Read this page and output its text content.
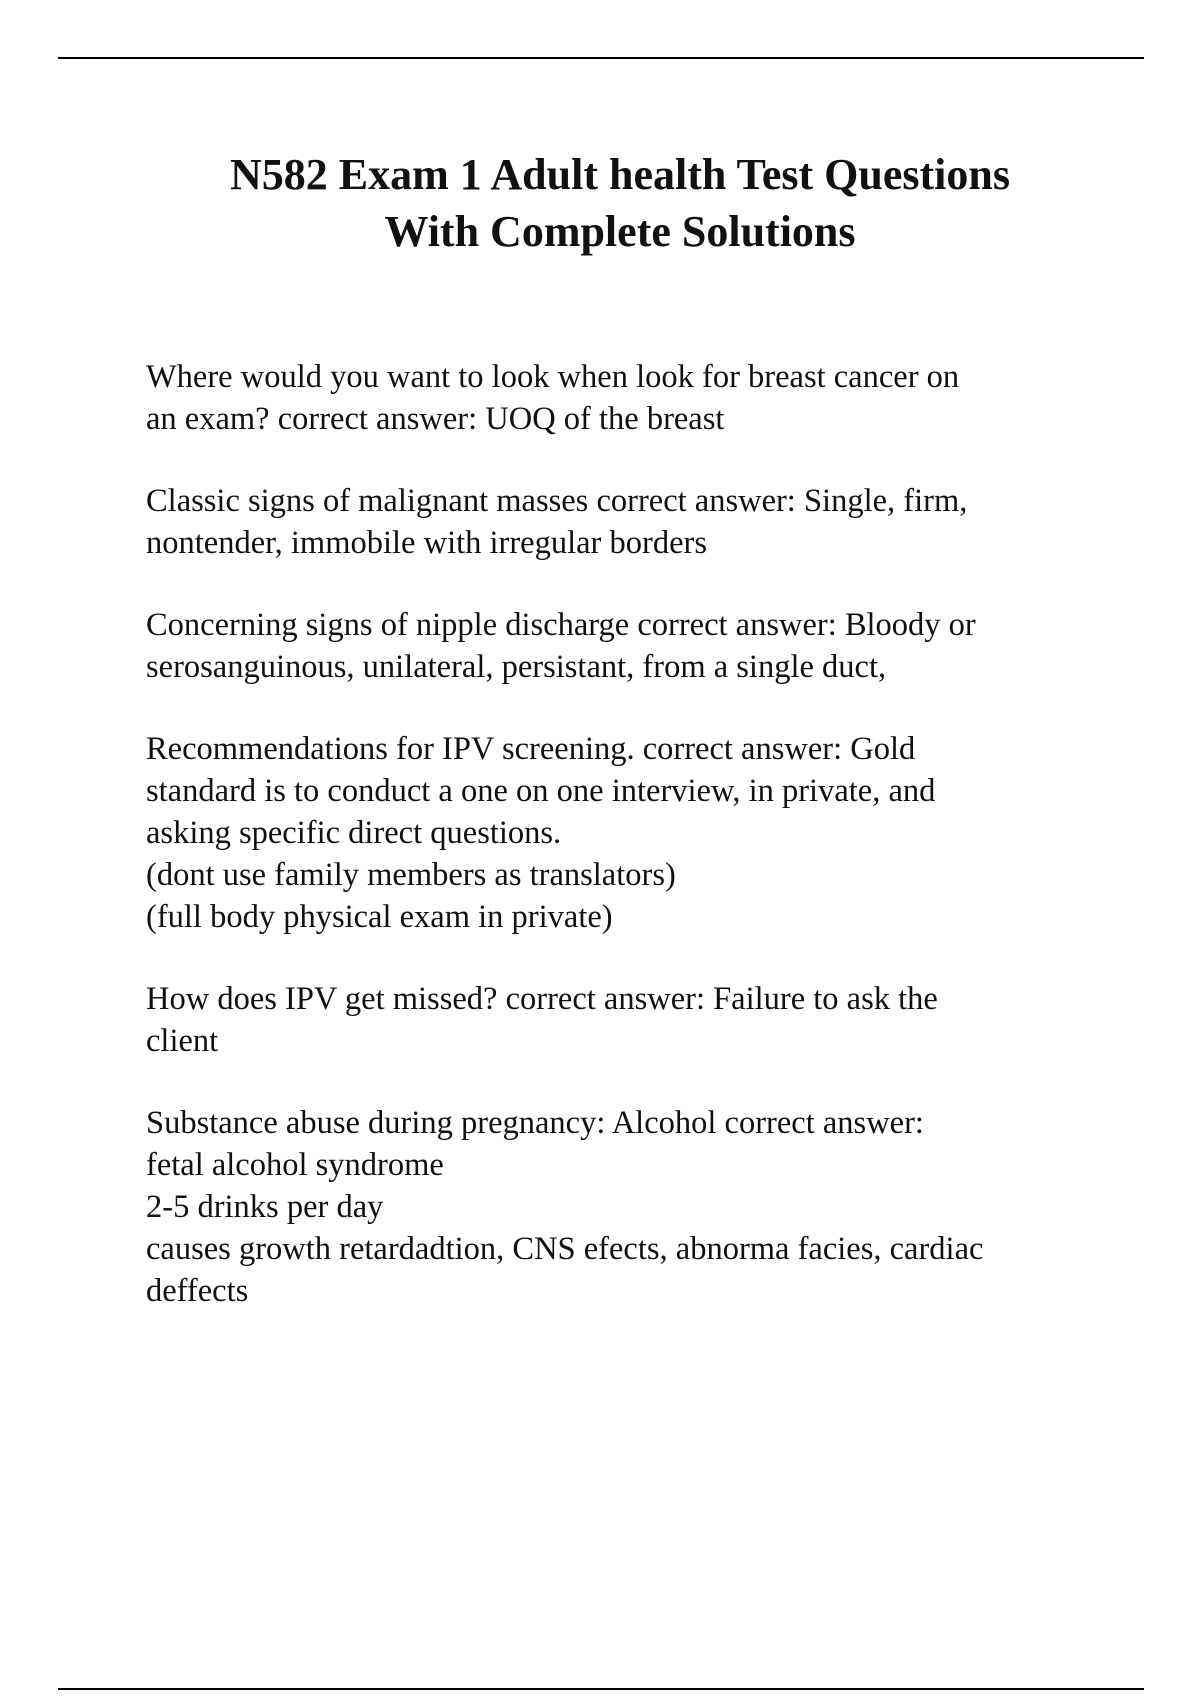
N582 Exam 1 Adult health Test Questions
With Complete Solutions

Where would you want to look when look for breast cancer on
an exam? correct answer: UOQ of the breast

Classic signs of malignant masses correct answer: Single, firm,
nontender, immobile with irregular borders

Concerning signs of nipple discharge correct answer: Bloody or
serosanguinous, unilateral, persistant, from a single duct,

Recommendations for IPV screening. correct answer: Gold
standard is to conduct a one on one interview, in private, and
asking specific direct questions.
(dont use family members as translators)
(full body physical exam in private)

How does IPV get missed? correct answer: Failure to ask the
client

Substance abuse during pregnancy: Alcohol correct answer:
fetal alcohol syndrome
2-5 drinks per day
causes growth retardadtion, CNS efects, abnorma facies, cardiac
deffects
